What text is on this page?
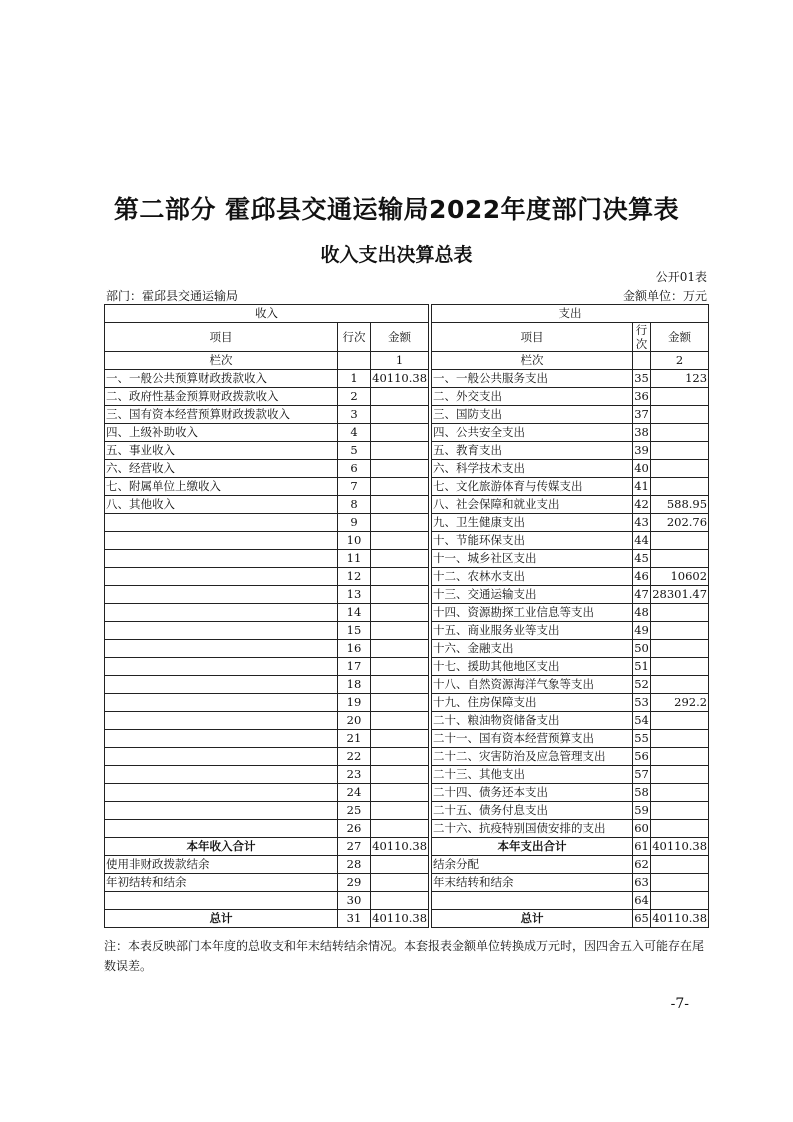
第二部分 霍邱县交通运输局2022年度部门决算表
收入支出决算总表
公开01表
部门：霍邱县交通运输局	金额单位：万元
收入				支出		
项目	行次	金额		项目	行次	金额
栏次		1		栏次		2
一、一般公共预算财政拨款收入	1	40110.38		一、一般公共服务支出	35	123
二、政府性基金预算财政拨款收入	2			二、外交支出	36	
三、国有资本经营预算财政拨款收入	3			三、国防支出	37	
四、上级补助收入	4			四、公共安全支出	38	
五、事业收入	5			五、教育支出	39	
六、经营收入	6			六、科学技术支出	40	
七、附属单位上缴收入	7			七、文化旅游体育与传媒支出	41	
八、其他收入	8			八、社会保障和就业支出	42	588.95
	9			九、卫生健康支出	43	202.76
	10			十、节能环保支出	44	
	11			十一、城乡社区支出	45	
	12			十二、农林水支出	46	10602
	13			十三、交通运输支出	47	28301.47
	14			十四、资源勘探工业信息等支出	48	
	15			十五、商业服务业等支出	49	
	16			十六、金融支出	50	
	17			十七、援助其他地区支出	51	
	18			十八、自然资源海洋气象等支出	52	
	19			十九、住房保障支出	53	292.2
	20			二十、粮油物资储备支出	54	
	21			二十一、国有资本经营预算支出	55	
	22			二十二、灾害防治及应急管理支出	56	
	23			二十三、其他支出	57	
	24			二十四、债务还本支出	58	
	25			二十五、债务付息支出	59	
	26			二十六、抗疫特别国债安排的支出	60	
本年收入合计	27	40110.38		本年支出合计	61	40110.38
使用非财政拨款结余	28			结余分配	62	
年初结转和结余	29			年末结转和结余	63	
	30				64	
总计	31	40110.38		总计	65	40110.38
注：本表反映部门本年度的总收支和年末结转结余情况。本套报表金额单位转换成万元时，因四舍五入可能存在尾数误差。
-7-
